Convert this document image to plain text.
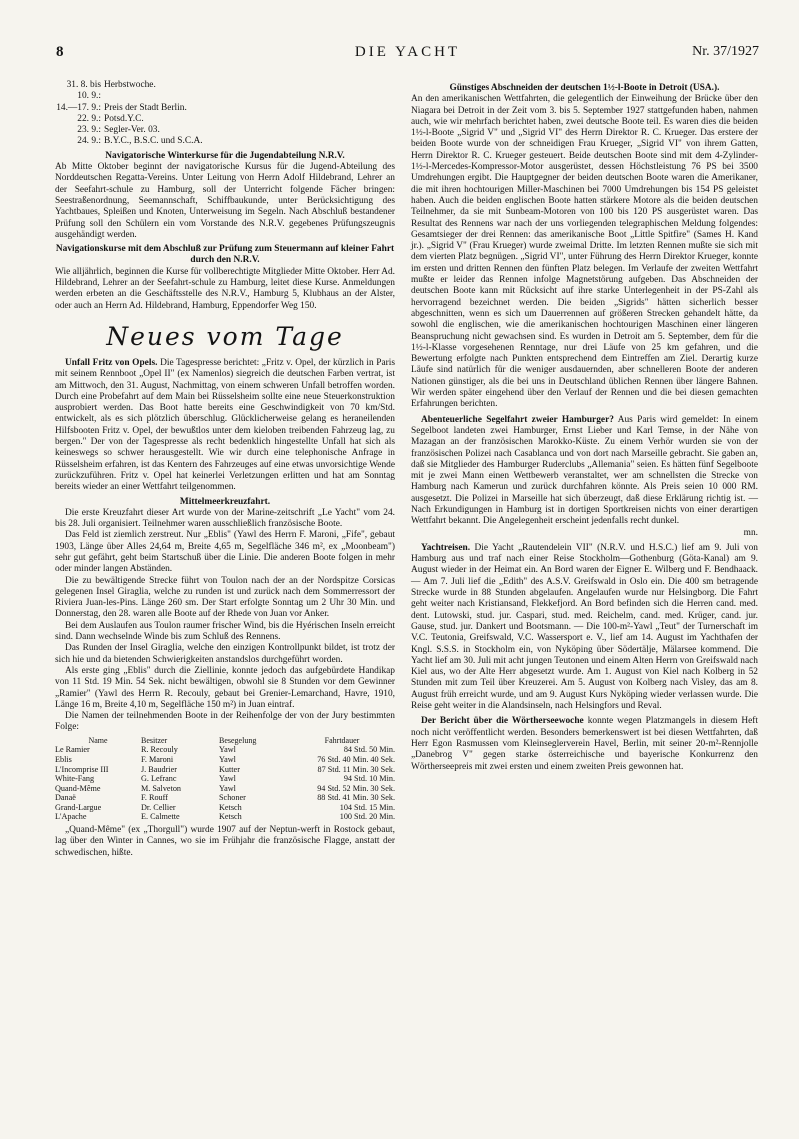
8	DIE YACHT	Nr. 37/1927
31. 8. bis 10. 9.:
Herbstwoche.
14.—17. 9.: Preis der Stadt Berlin.
22. 9.: Potsd.Y.C.
23. 9.: Segler-Ver. 03.
24. 9.: B.Y.C., B.S.C. und S.C.A.

Navigatorische Winterkurse für die Jugendabteilung N.R.V.

Ab Mitte Oktober beginnt der navigatorische Kursus für die Jugend-Abteilung des Norddeutschen Regatta-Vereins. Unter Leitung von Herrn Adolf Hildebrand, Lehrer an der Seefahrt-schule zu Hamburg, soll der Unterricht folgende Fächer bringen: Seestraßenordnung, Seemannschaft, Schiffbaukunde, unter Berücksichtigung des Yachtbaues, Spleißen und Knoten, Unterweisung im Segeln. Nach Abschluß bestandener Prüfung soll den Schülern ein vom Vorstande des N.R.V. gegebenes Prüfungszeugnis ausgehändigt werden.

Navigationskurse mit dem Abschluß zur Prüfung zum Steuermann auf kleiner Fahrt durch den N.R.V.

Wie alljährlich, beginnen die Kurse für vollberechtigte Mitglieder Mitte Oktober. Herr Ad. Hildebrand, Lehrer an der Seefahrt-schule zu Hamburg, leitet diese Kurse. Anmeldungen werden erbeten an die Geschäftsstelle des N.R.V., Hamburg 5, Klubhaus an der Alster, oder auch an Herrn Ad. Hildebrand, Hamburg, Eppendorfer Weg 150.

Neues vom Tage

Unfall Fritz von Opels. Die Tagespresse berichtet: „Fritz v. Opel, der kürzlich in Paris mit seinem Rennboot „Opel II" (ex Namenlos) siegreich die deutschen Farben vertrat, ist am Mittwoch, den 31. August, Nachmittag, von einem schweren Unfall betroffen worden. Durch eine Probefahrt auf dem Main bei Rüsselsheim sollte eine neue Steuerkonstruktion ausprobiert werden. Das Boot hatte bereits eine Geschwindigkeit von 70 km/Std. entwickelt, als es sich plötzlich überschlug. Glücklicherweise gelang es heraneilenden Hilfsbooten Fritz v. Opel, der bewußtlos unter dem kieloben treibenden Fahrzeug lag, zu bergen." Der von der Tagespresse als recht bedenklich hingestellte Unfall hat sich als keineswegs so schwer herausgestellt. Wie wir durch eine telephonische Anfrage in Rüsselsheim erfahren, ist das Kentern des Fahrzeuges auf eine etwas unvorsichtige Wende zurückzuführen. Fritz v. Opel hat keinerlei Verletzungen erlitten und hat am Sonntag bereits wieder an einer Wettfahrt teilgenommen.

Mittelmeerkreuzfahrt.

Die erste Kreuzfahrt dieser Art wurde von der Marine-zeitschrift „Le Yacht" vom 24. bis 28. Juli organisiert. Teilnehmer waren ausschließlich französische Boote.

Das Feld ist ziemlich zerstreut. Nur „Eblis" (Yawl des Herrn F. Maroni, „Fife", gebaut 1903, Länge über Alles 24,64 m, Breite 4,65 m, Segelfläche 346 m², ex „Moonbeam") sehr gut gefährt, geht beim Startschuß über die Linie. Die anderen Boote folgen in mehr oder minder langen Abständen.

Die zu bewältigende Strecke führt von Toulon nach der an der Nordspitze Corsicas gelegenen Insel Giraglia, welche zu runden ist und zurück nach dem Sommerressort der Riviera Juan-les-Pins. Länge 260 sm. Der Start erfolgte Sonntag um 2 Uhr 30 Min. und Donnerstag, den 28. waren alle Boote auf der Rhede von Juan vor Anker.

Bei dem Auslaufen aus Toulon raumer frischer Wind, bis die Hyérischen Inseln erreicht sind. Dann wechselnde Winde bis zum Schluß des Rennens.

Das Runden der Insel Giraglia, welche den einzigen Kontrollpunkt bildet, ist trotz der sich hie und da bietenden Schwierigkeiten anstandslos durchgeführt worden.

Als erste ging „Eblis" durch die Ziellinie, konnte jedoch das aufgebürdete Handikap von 11 Std. 19 Min. 54 Sek. nicht bewältigen, obwohl sie 8 Stunden vor dem Gewinner „Ramier" (Yawl des Herrn R. Recouly, gebaut bei Grenier-Lemarchand, Havre, 1910, Länge 16 m, Breite 4,10 m, Segelfläche 150 m²) in Juan eintraf.

Die Namen der teilnehmenden Boote in der Reihenfolge der von der Jury bestimmten Folge:

Name	Besitzer	Besegelung	Fahrtdauer
Le Ramier	R. Recouly	Yawl	84 Std. 50 Min.
Eblis	F. Maroni	Yawl	76 Std. 40 Min. 40 Sek.
L'Incomprise III	J. Baudrier	Kutter	87 Std. 11 Min. 30 Sek.
White-Fang	G. Lefranc	Yawl	94 Std. 10 Min.
Quand-Même	M. Salveton	Yawl	94 Std. 52 Min. 30 Sek.
Danaë	F. Rouff	Schoner	88 Std. 41 Min. 30 Sek.
Grand-Largue	Dr. Cellier	Ketsch	104 Std. 15 Min.
L'Apache	E. Calmette	Ketsch	100 Std. 20 Min.

„Quand-Même" (ex „Thorgull") wurde 1907 auf der Neptun-werft in Rostock gebaut, lag über den Winter in Cannes, wo sie im Frühjahr die französische Flagge, anstatt der schwedischen, hißte.

Günstiges Abschneiden der deutschen 1½-l-Boote in Detroit (USA.).

An den amerikanischen Wettfahrten, die gelegentlich der Einweihung der Brücke über den Niagara bei Detroit in der Zeit vom 3. bis 5. September 1927 stattgefunden haben, nahmen auch, wie wir mehrfach berichtet haben, zwei deutsche Boote teil. Es waren dies die beiden 1½-l-Boote „Sigrid V" und „Sigrid VI" des Herrn Direktor R. C. Krueger. Das erstere der beiden Boote wurde von der schneidigen Frau Krueger, „Sigrid VI" von ihrem Gatten, Herrn Direktor R. C. Krueger gesteuert. Beide deutschen Boote sind mit dem 4-Zylinder-1½-l-Mercedes-Kompressor-Motor ausgerüstet, dessen Höchstleistung 76 PS bei 3500 Umdrehungen ergibt. Die Hauptgegner der beiden deutschen Boote waren die Amerikaner, die mit ihren hochtourigen Miller-Maschinen bei 7000 Umdrehungen bis 154 PS geleistet haben. Auch die beiden englischen Boote hatten stärkere Motore als die beiden deutschen Teilnehmer, da sie mit Sunbeam-Motoren von 100 bis 120 PS ausgerüstet waren. Das Resultat des Rennens war nach der uns vorliegenden telegraphischen Meldung folgendes: Gesamtsieger der drei Rennen: das amerikanische Boot „Little Spitfire" (Sames H. Kand jr.). „Sigrid V" (Frau Krueger) wurde zweimal Dritte. Im letzten Rennen mußte sie sich mit dem vierten Platz begnügen. „Sigrid VI", unter Führung des Herrn Direktor Krueger, konnte im ersten und dritten Rennen den fünften Platz belegen. Im Verlaufe der zweiten Wettfahrt mußte er leider das Rennen infolge Magnetstörung aufgeben. Das Abschneiden der deutschen Boote kann mit Rücksicht auf ihre starke Unterlegenheit in der PS-Zahl als hervorragend bezeichnet werden. Die beiden „Sigrids" hätten sicherlich besser abgeschnitten, wenn es sich um Dauerrennen auf größeren Strecken gehandelt hätte, da sowohl die englischen, wie die amerikanischen hochtourigen Maschinen einer längeren Beanspruchung nicht gewachsen sind. Es wurden in Detroit am 5. September, dem für die 1½-l-Klasse vorgesehenen Renntage, nur drei Läufe von 25 km gefahren, und die Bewertung erfolgte nach Punkten entsprechend dem Eintreffen am Ziel. Derartig kurze Läufe sind natürlich für die weniger ausdauernden, aber schnelleren Boote der anderen Nationen günstiger, als die bei uns in Deutschland üblichen Rennen über längere Bahnen. Wir werden später eingehend über den Verlauf der Rennen und die bei diesen gemachten Erfahrungen berichten.

Abenteuerliche Segelfahrt zweier Hamburger? Aus Paris wird gemeldet: In einem Segelboot landeten zwei Hamburger, Ernst Lieber und Karl Temse, in der Nähe von Mazagan an der französischen Marokko-Küste. Zu einem Verhör wurden sie von der französischen Polizei nach Casablanca und von dort nach Marseille gebracht. Sie gaben an, daß sie Mitglieder des Hamburger Ruderclubs „Allemania" seien. Es hätten fünf Segelboote mit je zwei Mann einen Wettbewerb veranstaltet, wer am schnellsten die Strecke von Hamburg nach Kamerun und zurück durchfahren könnte. Als Preis seien 10 000 RM. ausgesetzt. Die Polizei in Marseille hat sich überzeugt, daß diese Erklärung richtig ist. — Nach Erkundigungen in Hamburg ist in dortigen Sportkreisen nichts von einer derartigen Wettfahrt bekannt. Die Angelegenheit erscheint jedenfalls recht dunkel.

mn.

Yachtreisen. Die Yacht „Rautendelein VII" (N.R.V. und H.S.C.) lief am 9. Juli von Hamburg aus und traf nach einer Reise Stockholm—Gothenburg (Göta-Kanal) am 9. August wieder in der Heimat ein. An Bord waren der Eigner E. Wilberg und F. Bendhaack. — Am 7. Juli lief die „Edith" des A.S.V. Greifswald in Oslo ein. Die 400 sm betragende Strecke wurde in 88 Stunden abgelaufen. Angelaufen wurde nur Helsingborg. Die Fahrt geht weiter nach Kristiansand, Flekkefjord. An Bord befinden sich die Herren cand. med. dent. Lutowski, stud. jur. Caspari, stud. med. Reichelm, cand. med. Krüger, cand. jur. Gause, stud. jur. Dankert und Bootsmann. — Die 100-m²-Yawl „Teut" der Turnerschaft im V.C. Teutonia, Greifswald, V.C. Wassersport e. V., lief am 14. August im Yachthafen der Kngl. S.S.S. in Stockholm ein, von Nyköping über Södertälje, Mälarsee kommend. Die Yacht lief am 30. Juli mit acht jungen Teutonen und einem Alten Herrn von Greifswald nach Kiel aus, wo der Alte Herr abgesetzt wurde. Am 1. August von Kiel nach Kolberg in 52 Stunden mit zum Teil über Kreuzerei. Am 5. August von Kolberg nach Visley, das am 8. August früh erreicht wurde, und am 9. August Kurs Nyköping wieder verlassen wurde. Die Reise geht weiter in die Alandsinseln, nach Helsingfors und Reval.

Der Bericht über die Wörtherseewoche konnte wegen Platzmangels in diesem Heft noch nicht veröffentlicht werden. Besonders bemerkenswert ist bei diesen Wettfahrten, daß Herr Egon Rasmussen vom Kleinseglerverein Havel, Berlin, mit seiner 20-m²-Rennjolle „Danebrog V" gegen starke österreichische und bayerische Konkurrenz den Wörtherseepreis mit zwei ersten und einem zweiten Preis gewonnen hat.
